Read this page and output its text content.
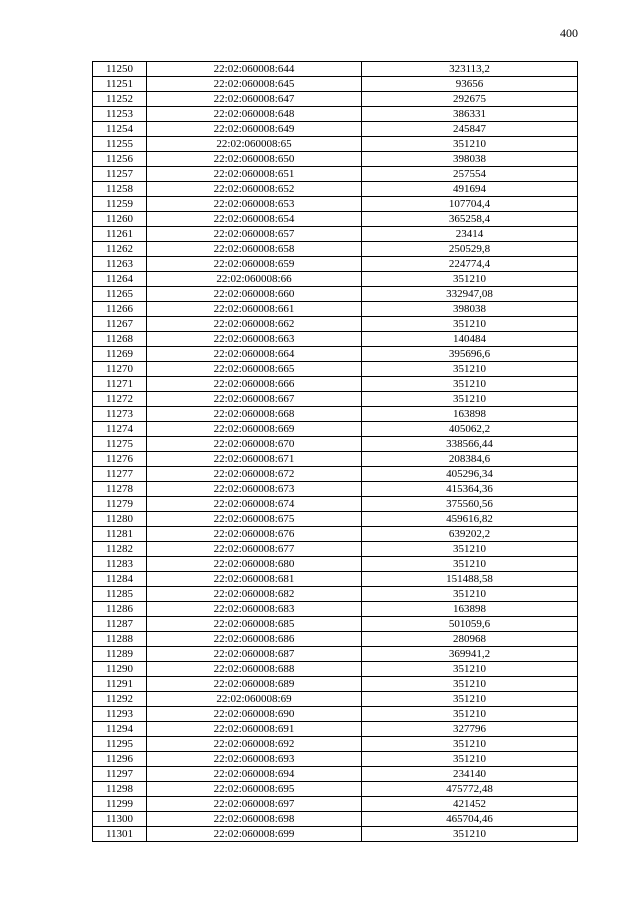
400
11250	22:02:060008:644	323113,2
11251	22:02:060008:645	93656
11252	22:02:060008:647	292675
11253	22:02:060008:648	386331
11254	22:02:060008:649	245847
11255	22:02:060008:65	351210
11256	22:02:060008:650	398038
11257	22:02:060008:651	257554
11258	22:02:060008:652	491694
11259	22:02:060008:653	107704,4
11260	22:02:060008:654	365258,4
11261	22:02:060008:657	23414
11262	22:02:060008:658	250529,8
11263	22:02:060008:659	224774,4
11264	22:02:060008:66	351210
11265	22:02:060008:660	332947,08
11266	22:02:060008:661	398038
11267	22:02:060008:662	351210
11268	22:02:060008:663	140484
11269	22:02:060008:664	395696,6
11270	22:02:060008:665	351210
11271	22:02:060008:666	351210
11272	22:02:060008:667	351210
11273	22:02:060008:668	163898
11274	22:02:060008:669	405062,2
11275	22:02:060008:670	338566,44
11276	22:02:060008:671	208384,6
11277	22:02:060008:672	405296,34
11278	22:02:060008:673	415364,36
11279	22:02:060008:674	375560,56
11280	22:02:060008:675	459616,82
11281	22:02:060008:676	639202,2
11282	22:02:060008:677	351210
11283	22:02:060008:680	351210
11284	22:02:060008:681	151488,58
11285	22:02:060008:682	351210
11286	22:02:060008:683	163898
11287	22:02:060008:685	501059,6
11288	22:02:060008:686	280968
11289	22:02:060008:687	369941,2
11290	22:02:060008:688	351210
11291	22:02:060008:689	351210
11292	22:02:060008:69	351210
11293	22:02:060008:690	351210
11294	22:02:060008:691	327796
11295	22:02:060008:692	351210
11296	22:02:060008:693	351210
11297	22:02:060008:694	234140
11298	22:02:060008:695	475772,48
11299	22:02:060008:697	421452
11300	22:02:060008:698	465704,46
11301	22:02:060008:699	351210
